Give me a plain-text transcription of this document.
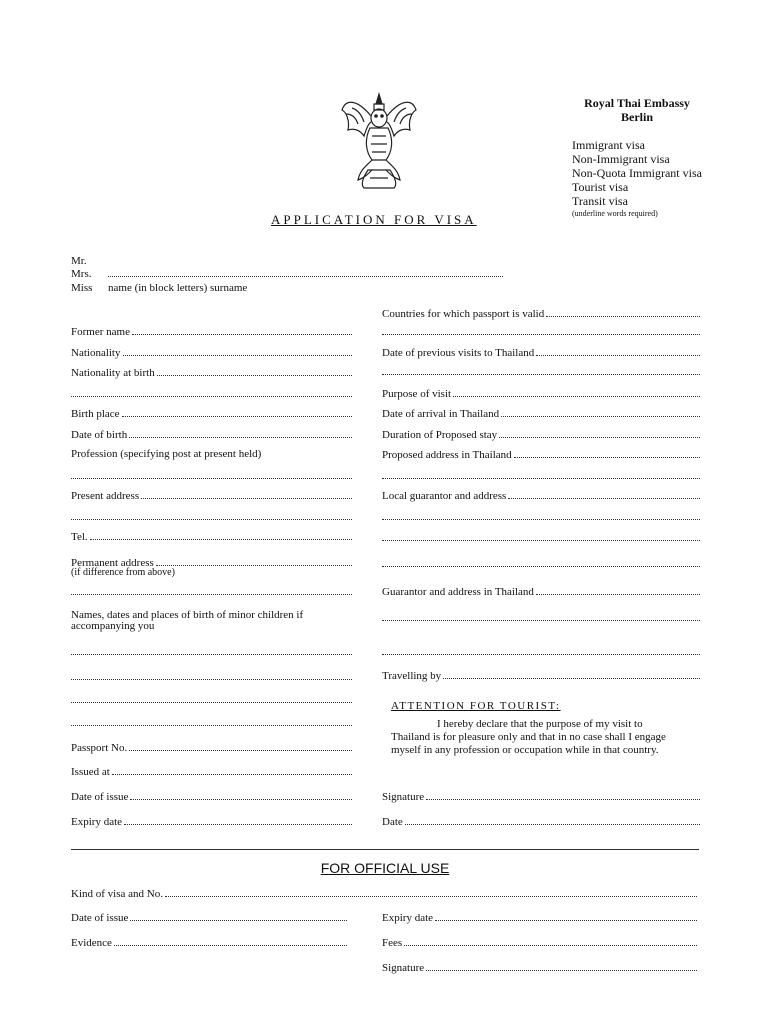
Royal Thai Embassy
Berlin
Immigrant visa
Non-Immigrant visa
Non-Quota Immigrant visa
Tourist visa
Transit visa
(underline words required)
APPLICATION FOR VISA
Mr.
Mrs.
Miss name (in block letters) surname
Former name
Nationality
Nationality at birth
Birth place
Date of birth
Profession (specifying post at present held)
Present address
Tel.
Permanent address
(if difference from above)
Names, dates and places of birth of minor children if
accompanying you
Passport No.
Issued at
Date of issue
Expiry date
Countries for which passport is valid
Date of previous visits to Thailand
Purpose of visit
Date of arrival in Thailand
Duration of Proposed stay
Proposed address in Thailand
Local guarantor and address
Guarantor and address in Thailand
Travelling by
ATTENTION FOR TOURIST:
I hereby declare that the purpose of my visit to
Thailand is for pleasure only and that in no case shall I engage
myself in any profession or occupation while in that country.
Signature
Date
FOR OFFICIAL USE
Kind of visa and No.
Date of issue	Expiry date
Evidence	Fees
Signature
